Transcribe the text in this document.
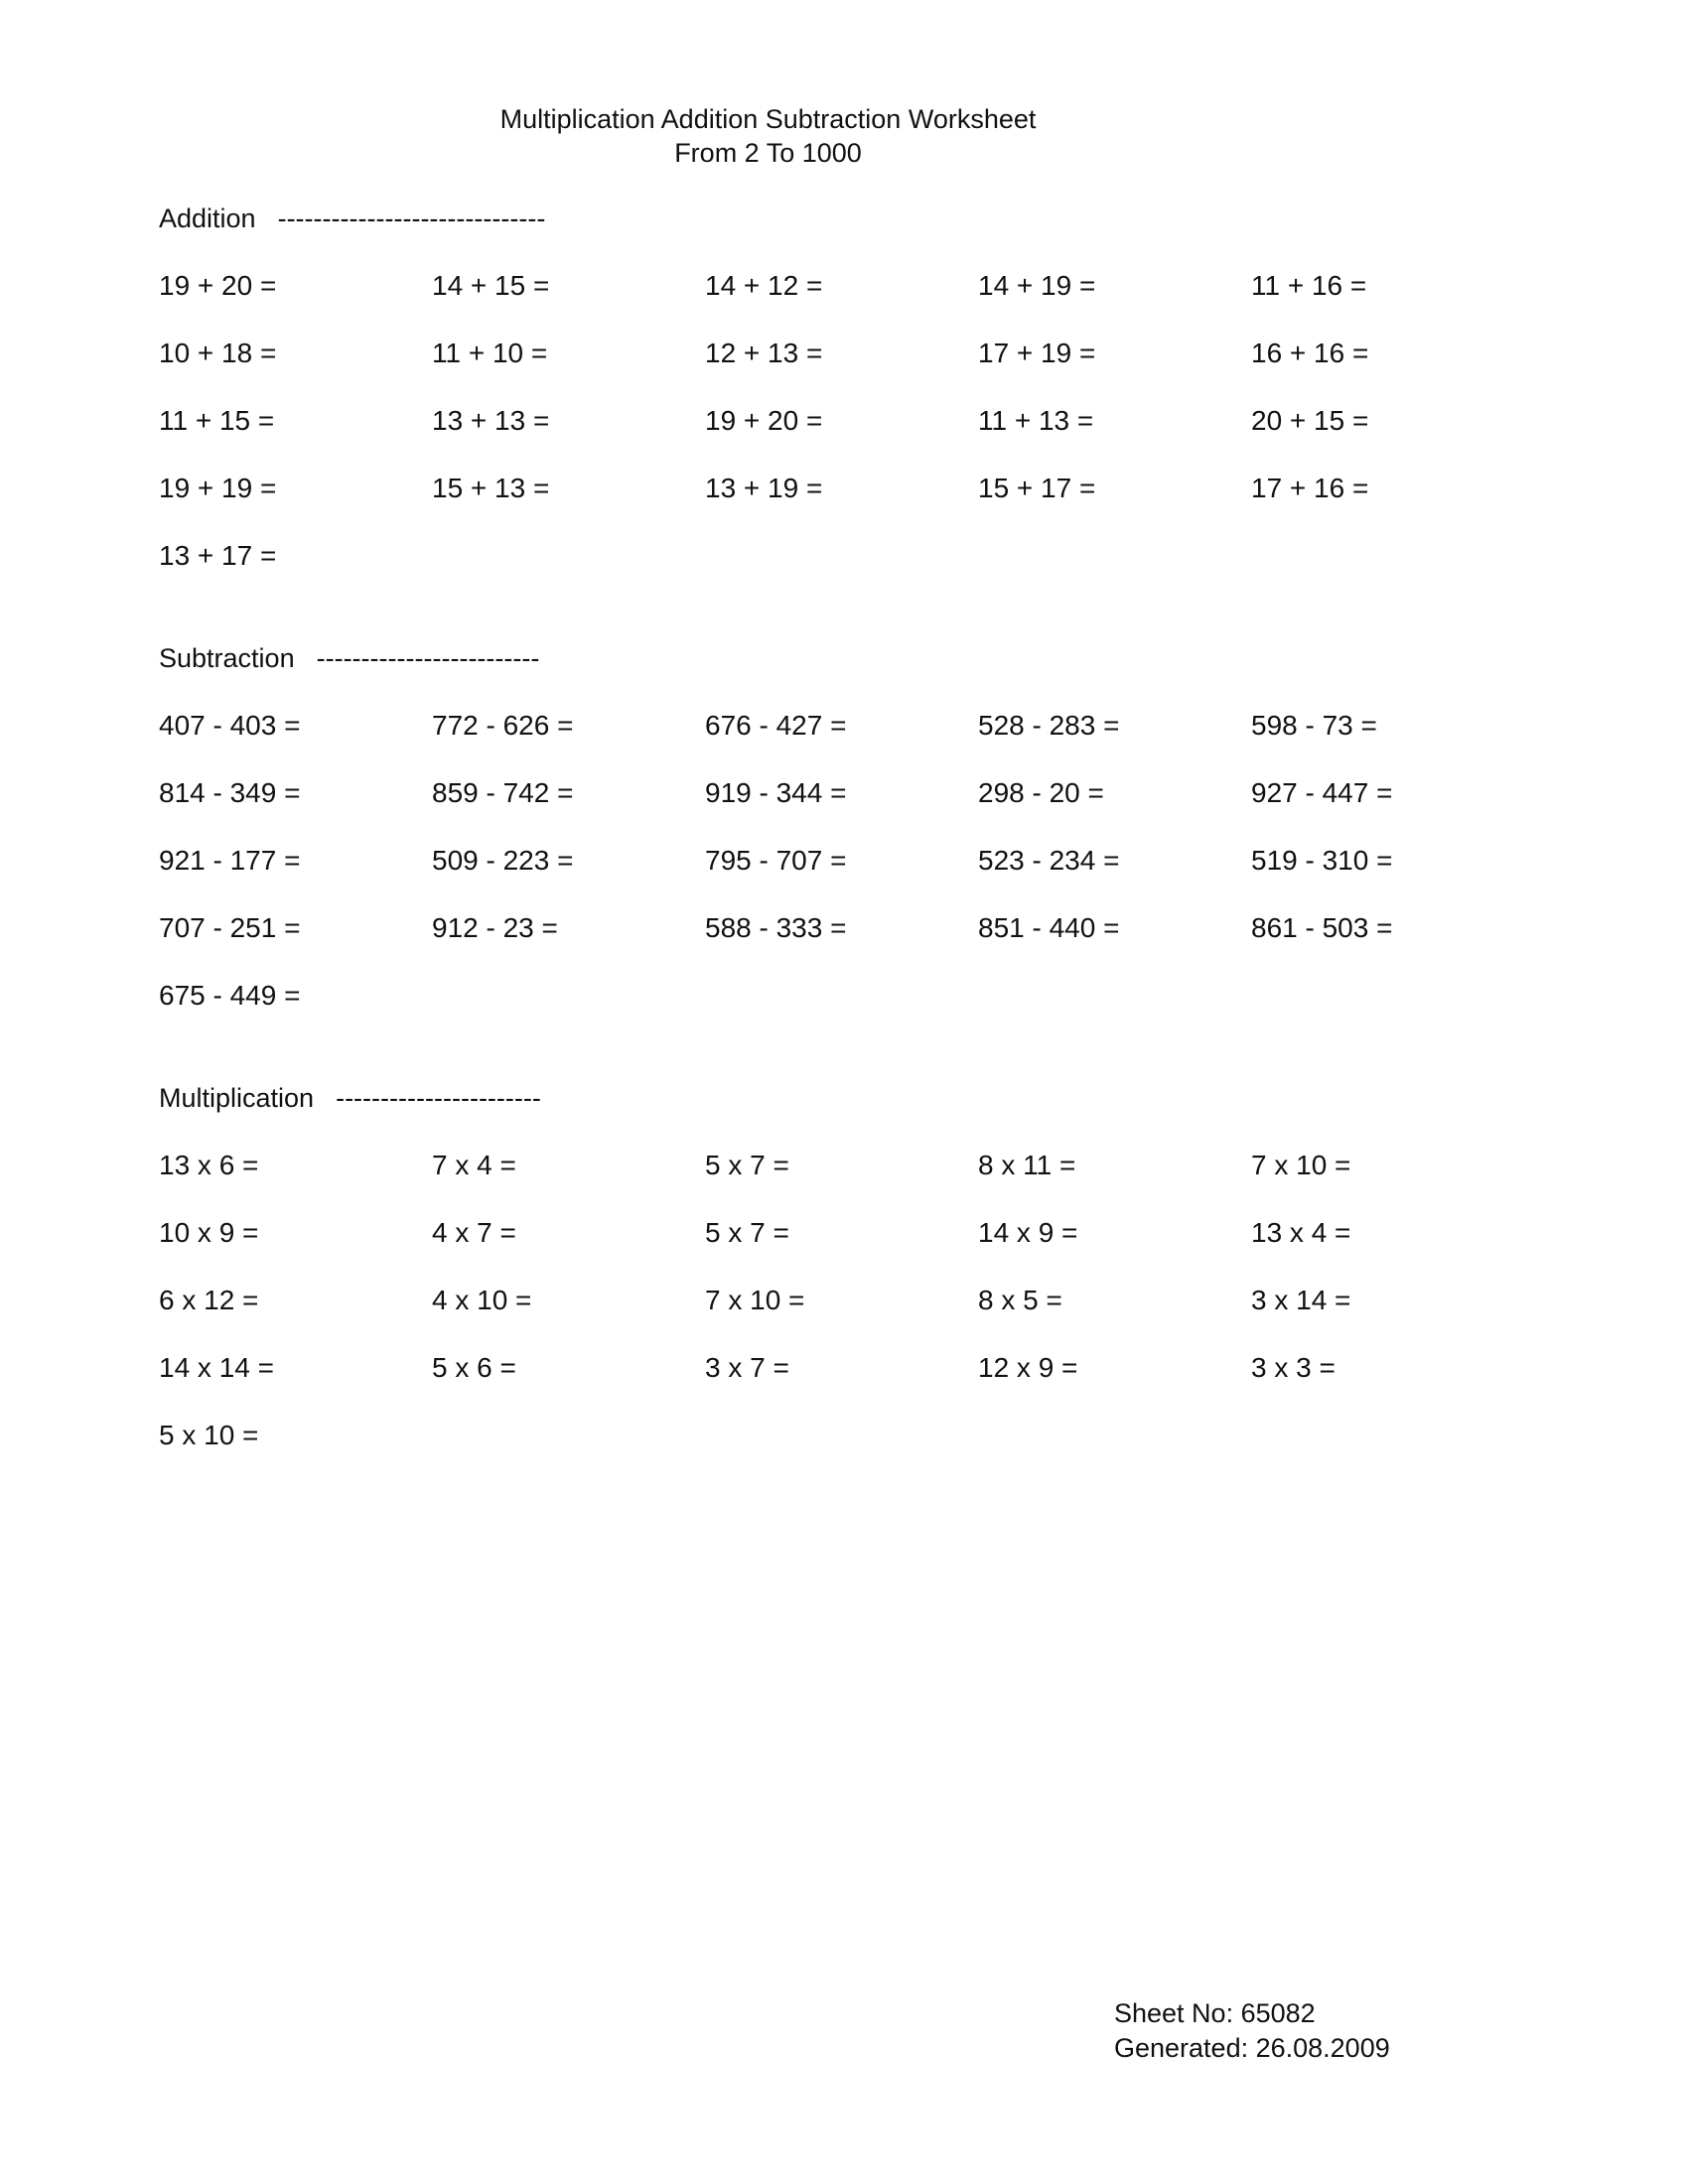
Multiplication Addition Subtraction Worksheet
From 2 To 1000
Addition ------------------------------
19 + 20 =	14 + 15 =	14 + 12 =	14 + 19 =	11 + 16 =
10 + 18 =	11 + 10 =	12 + 13 =	17 + 19 =	16 + 16 =
11 + 15 =	13 + 13 =	19 + 20 =	11 + 13 =	20 + 15 =
19 + 19 =	15 + 13 =	13 + 19 =	15 + 17 =	17 + 16 =
13 + 17 =
Subtraction -------------------------
407 - 403 =	772 - 626 =	676 - 427 =	528 - 283 =	598 - 73 =
814 - 349 =	859 - 742 =	919 - 344 =	298 - 20 =	927 - 447 =
921 - 177 =	509 - 223 =	795 - 707 =	523 - 234 =	519 - 310 =
707 - 251 =	912 - 23 =	588 - 333 =	851 - 440 =	861 - 503 =
675 - 449 =
Multiplication -----------------------
13 x 6 =	7 x 4 =	5 x 7 =	8 x 11 =	7 x 10 =
10 x 9 =	4 x 7 =	5 x 7 =	14 x 9 =	13 x 4 =
6 x 12 =	4 x 10 =	7 x 10 =	8 x 5 =	3 x 14 =
14 x 14 =	5 x 6 =	3 x 7 =	12 x 9 =	3 x 3 =
5 x 10 =
Sheet No: 65082
Generated: 26.08.2009
